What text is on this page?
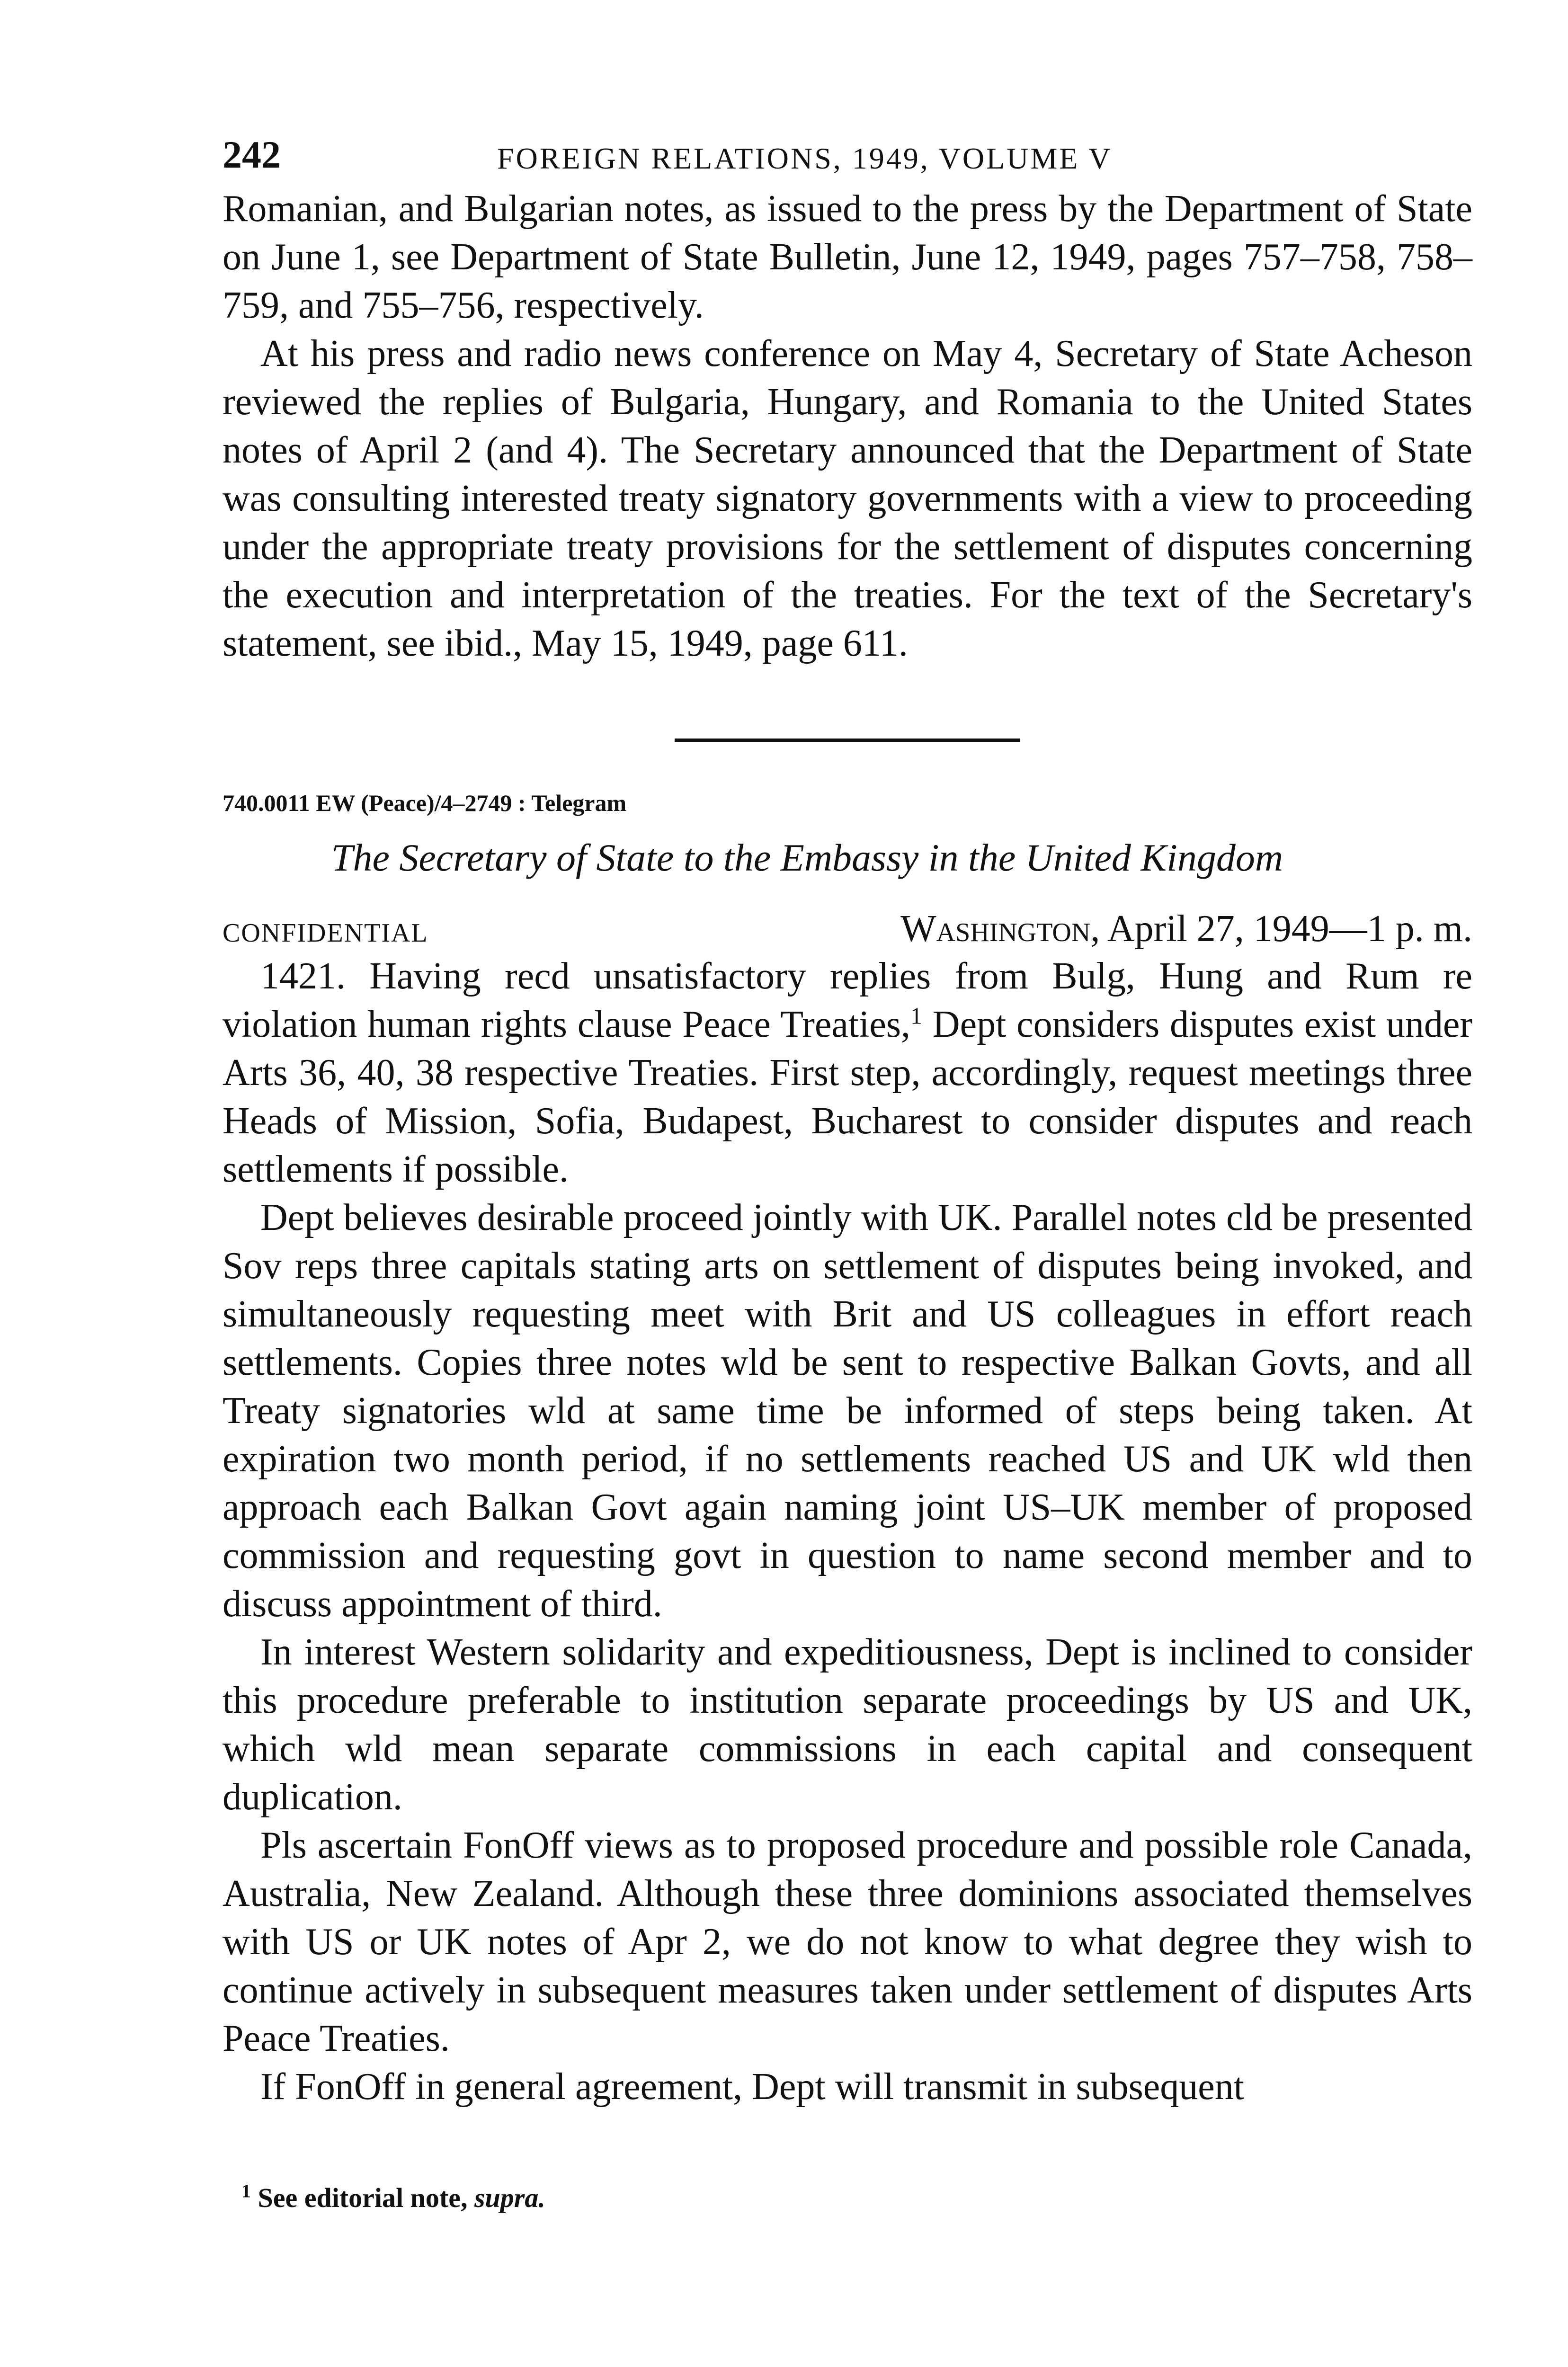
242	FOREIGN RELATIONS, 1949, VOLUME V

Romanian, and Bulgarian notes, as issued to the press by the Department of State on June 1, see Department of State Bulletin, June 12, 1949, pages 757–758, 758–759, and 755–756, respectively.

At his press and radio news conference on May 4, Secretary of State Acheson reviewed the replies of Bulgaria, Hungary, and Romania to the United States notes of April 2 (and 4). The Secretary announced that the Department of State was consulting interested treaty signatory governments with a view to proceeding under the appropriate treaty provisions for the settlement of disputes concerning the execution and interpretation of the treaties. For the text of the Secretary's statement, see ibid., May 15, 1949, page 611.

740.0011 EW (Peace)/4–2749 : Telegram
The Secretary of State to the Embassy in the United Kingdom
CONFIDENTIAL	Washington, April 27, 1949—1 p. m.

1421. Having recd unsatisfactory replies from Bulg, Hung and Rum re violation human rights clause Peace Treaties,$^1$ Dept considers disputes exist under Arts 36, 40, 38 respective Treaties. First step, accordingly, request meetings three Heads of Mission, Sofia, Budapest, Bucharest to consider disputes and reach settlements if possible.

Dept believes desirable proceed jointly with UK. Parallel notes cld be presented Sov reps three capitals stating arts on settlement of disputes being invoked, and simultaneously requesting meet with Brit and US colleagues in effort reach settlements. Copies three notes wld be sent to respective Balkan Govts, and all Treaty signatories wld at same time be informed of steps being taken. At expiration two month period, if no settlements reached US and UK wld then approach each Balkan Govt again naming joint US–UK member of proposed commission and requesting govt in question to name second member and to discuss appointment of third.

In interest Western solidarity and expeditiousness, Dept is inclined to consider this procedure preferable to institution separate proceedings by US and UK, which wld mean separate commissions in each capital and consequent duplication.

Pls ascertain FonOff views as to proposed procedure and possible role Canada, Australia, New Zealand. Although these three dominions associated themselves with US or UK notes of Apr 2, we do not know to what degree they wish to continue actively in subsequent measures taken under settlement of disputes Arts Peace Treaties.

If FonOff in general agreement, Dept will transmit in subsequent

$^1$ See editorial note, supra.
